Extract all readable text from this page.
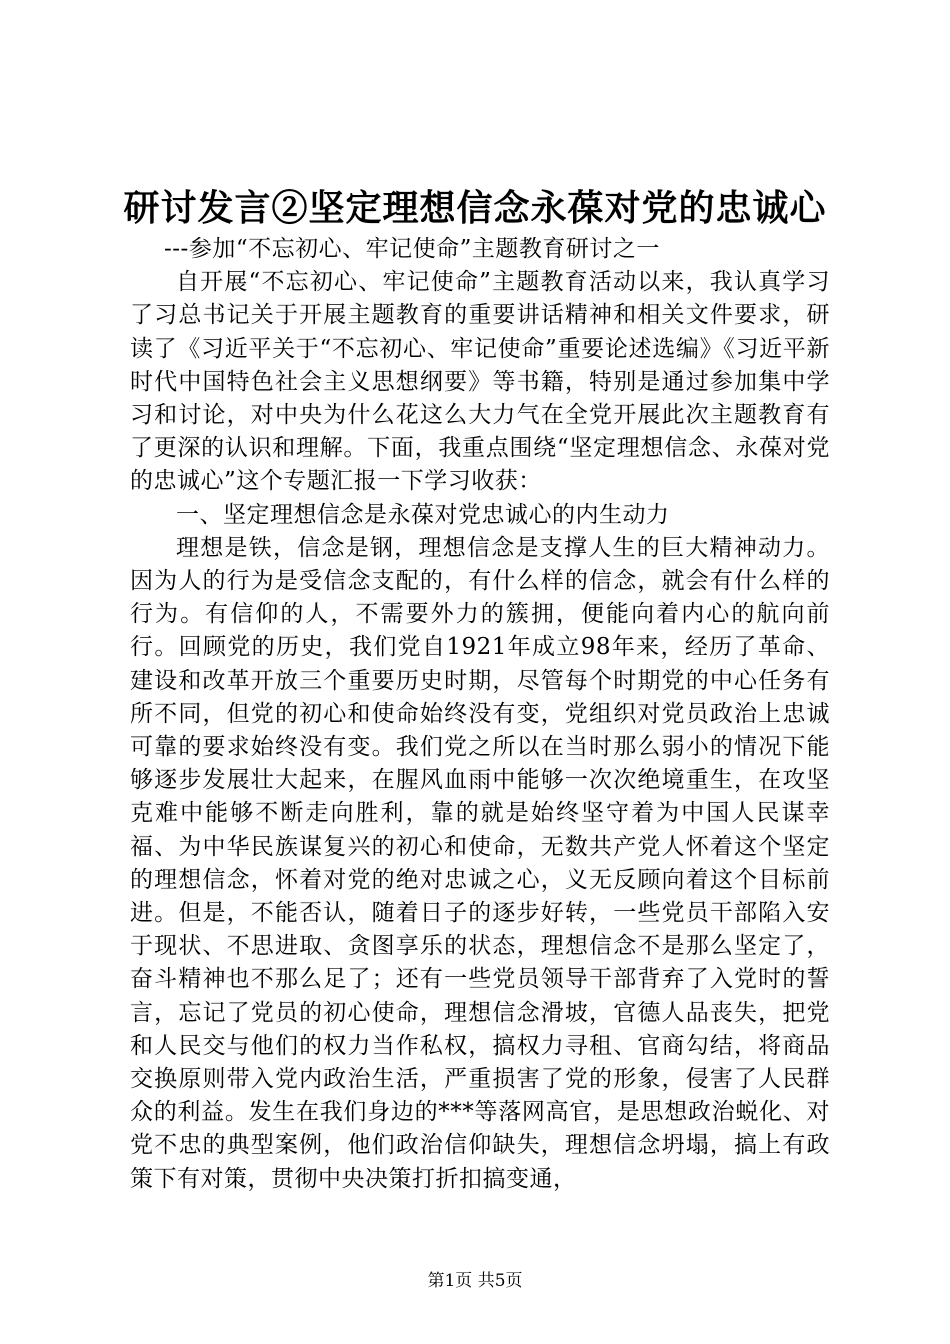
研讨发言②坚定理想信念永葆对党的忠诚心

---参加“不忘初心、牢记使命”主题教育研讨之一

自开展“不忘初心、牢记使命”主题教育活动以来，我认真学习了习总书记关于开展主题教育的重要讲话精神和相关文件要求，研读了《习近平关于“不忘初心、牢记使命”重要论述选编》《习近平新时代中国特色社会主义思想纲要》等书籍，特别是通过参加集中学习和讨论，对中央为什么花这么大力气在全党开展此次主题教育有了更深的认识和理解。下面，我重点围绕“坚定理想信念、永葆对党的忠诚心”这个专题汇报一下学习收获：

一、坚定理想信念是永葆对党忠诚心的内生动力

理想是铁，信念是钢，理想信念是支撑人生的巨大精神动力。因为人的行为是受信念支配的，有什么样的信念，就会有什么样的行为。有信仰的人，不需要外力的簇拥，便能向着内心的航向前行。回顾党的历史，我们党自1921年成立98年来，经历了革命、建设和改革开放三个重要历史时期，尽管每个时期党的中心任务有所不同，但党的初心和使命始终没有变，党组织对党员政治上忠诚可靠的要求始终没有变。我们党之所以在当时那么弱小的情况下能够逐步发展壮大起来，在腥风血雨中能够一次次绝境重生，在攻坚克难中能够不断走向胜利，靠的就是始终坚守着为中国人民谋幸福、为中华民族谋复兴的初心和使命，无数共产党人怀着这个坚定的理想信念，怀着对党的绝对忠诚之心，义无反顾向着这个目标前进。但是，不能否认，随着日子的逐步好转，一些党员干部陷入安于现状、不思进取、贪图享乐的状态，理想信念不是那么坚定了，奋斗精神也不那么足了；还有一些党员领导干部背弃了入党时的誓言，忘记了党员的初心使命，理想信念滑坡，官德人品丧失，把党和人民交与他们的权力当作私权，搞权力寻租、官商勾结，将商品交换原则带入党内政治生活，严重损害了党的形象，侵害了人民群众的利益。发生在我们身边的***等落网高官，是思想政治蜕化、对党不忠的典型案例，他们政治信仰缺失，理想信念坍塌，搞上有政策下有对策，贯彻中央决策打折扣搞变通，

第1页 共5页
